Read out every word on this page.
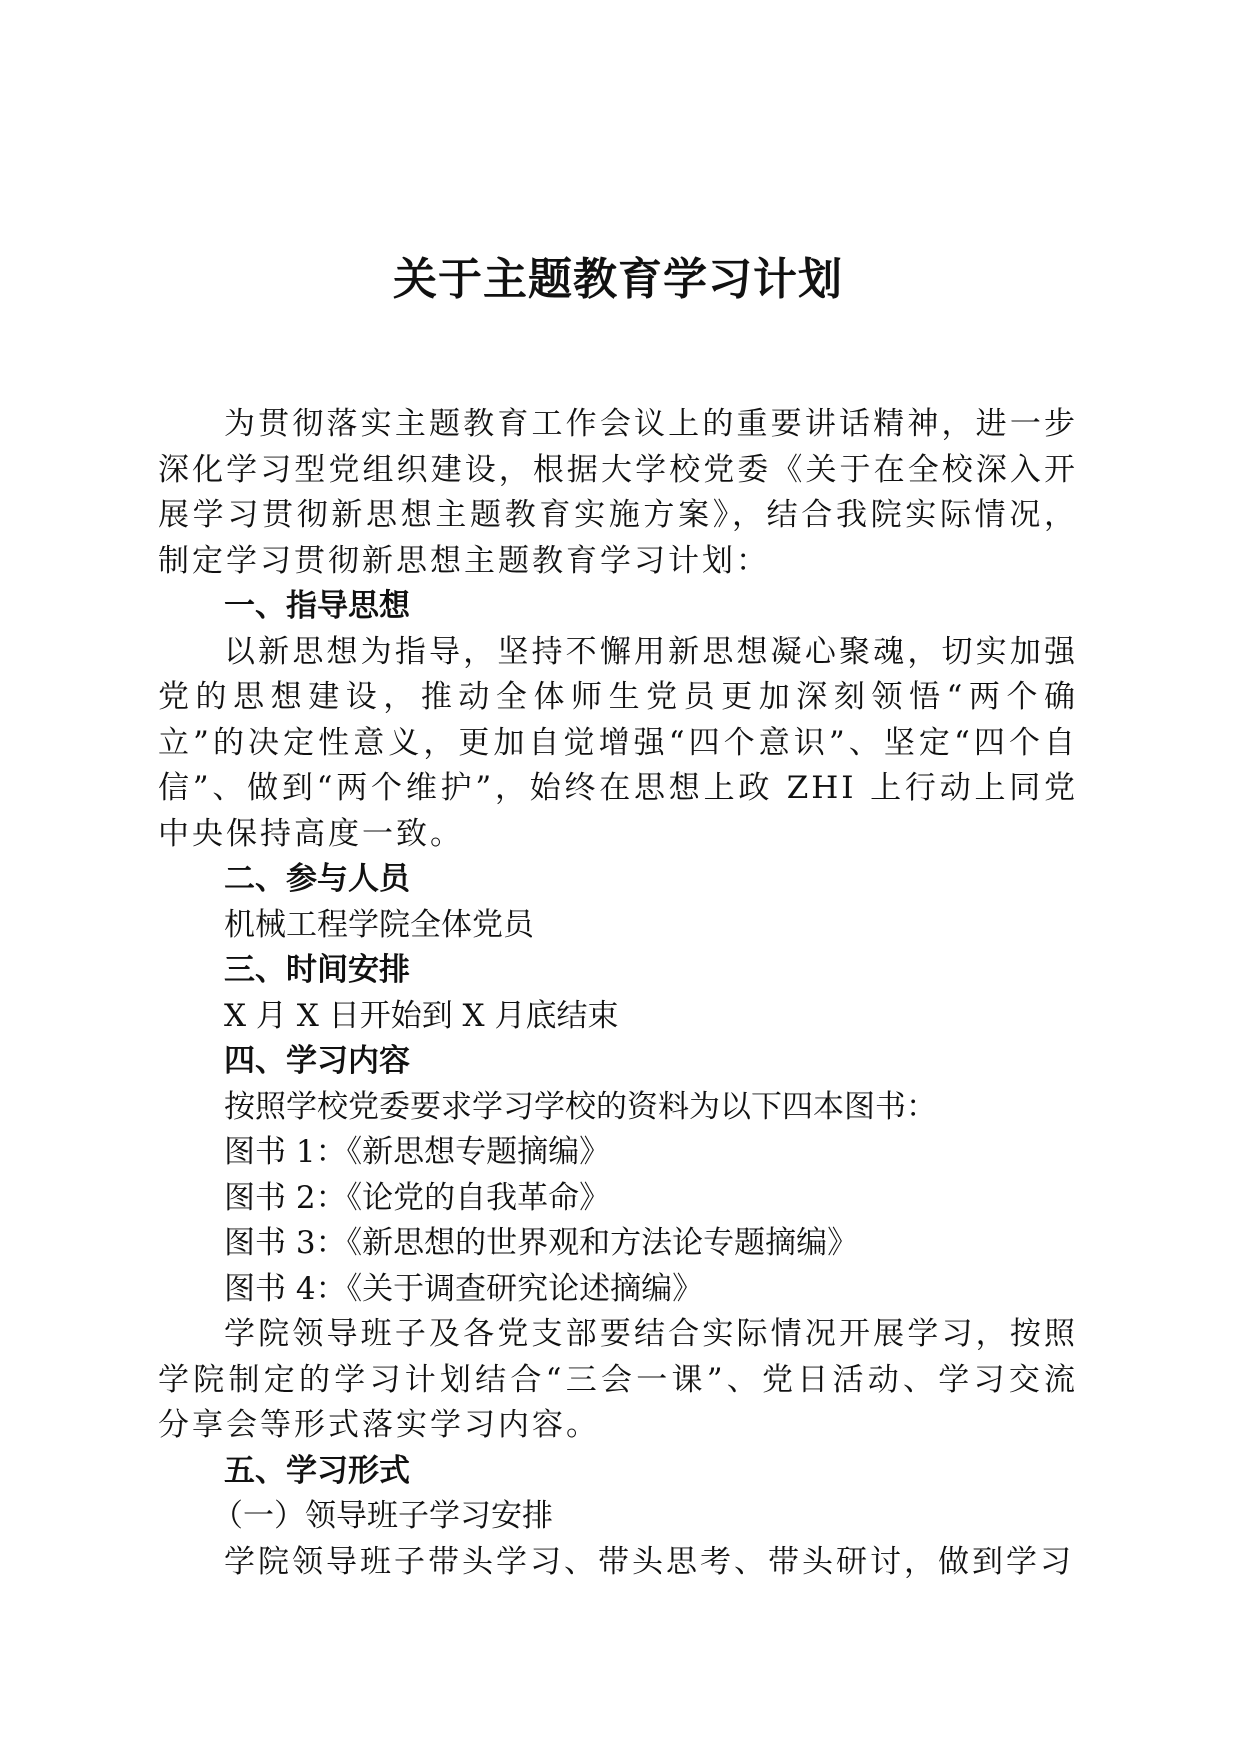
关于主题教育学习计划

为贯彻落实主题教育工作会议上的重要讲话精神，进一步深化学习型党组织建设，根据大学校党委《关于在全校深入开展学习贯彻新思想主题教育实施方案》，结合我院实际情况，制定学习贯彻新思想主题教育学习计划：

一、指导思想

以新思想为指导，坚持不懈用新思想凝心聚魂，切实加强党的思想建设，推动全体师生党员更加深刻领悟“两个确立”的决定性意义，更加自觉增强“四个意识”、坚定“四个自信”、做到“两个维护”，始终在思想上政 ZHI 上行动上同党中央保持高度一致。

二、参与人员

机械工程学院全体党员

三、时间安排

X 月 X 日开始到 X 月底结束

四、学习内容

按照学校党委要求学习学校的资料为以下四本图书：

图书 1：《新思想专题摘编》

图书 2：《论党的自我革命》

图书 3：《新思想的世界观和方法论专题摘编》

图书 4：《关于调查研究论述摘编》

学院领导班子及各党支部要结合实际情况开展学习，按照学院制定的学习计划结合“三会一课”、党日活动、学习交流分享会等形式落实学习内容。

五、学习形式

（一）领导班子学习安排

学院领导班子带头学习、带头思考、带头研讨，做到学习
